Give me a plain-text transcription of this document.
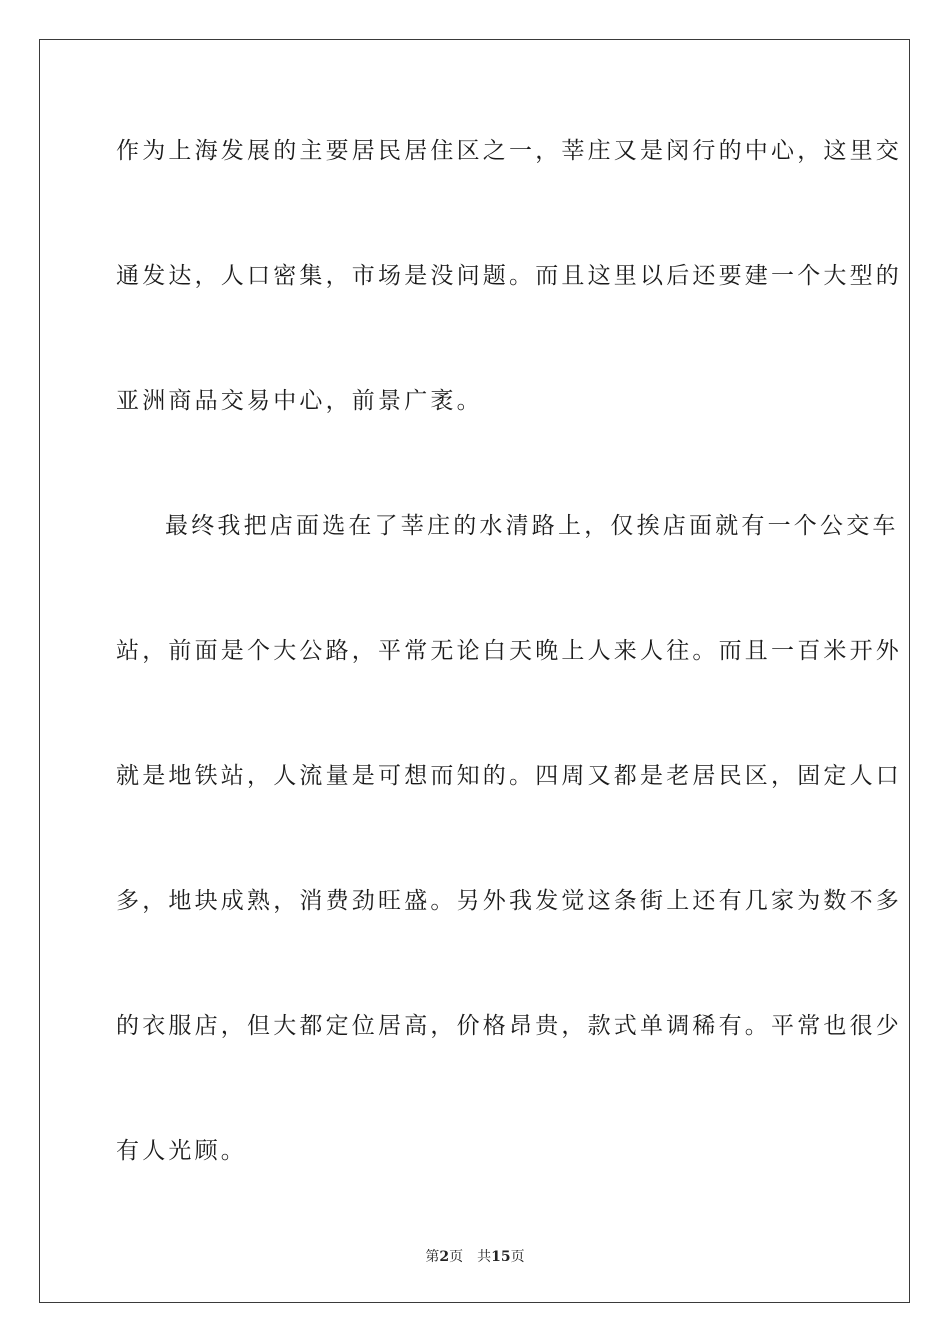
作为上海发展的主要居民居住区之一，莘庄又是闵行的中心，这里交
通发达，人口密集，市场是没问题。而且这里以后还要建一个大型的
亚洲商品交易中心，前景广袤。
最终我把店面选在了莘庄的水清路上，仅挨店面就有一个公交车
站，前面是个大公路，平常无论白天晚上人来人往。而且一百米开外
就是地铁站，人流量是可想而知的。四周又都是老居民区，固定人口
多，地块成熟，消费劲旺盛。另外我发觉这条街上还有几家为数不多
的衣服店，但大都定位居高，价格昂贵，款式单调稀有。平常也很少
有人光顾。
第2页 共15页
